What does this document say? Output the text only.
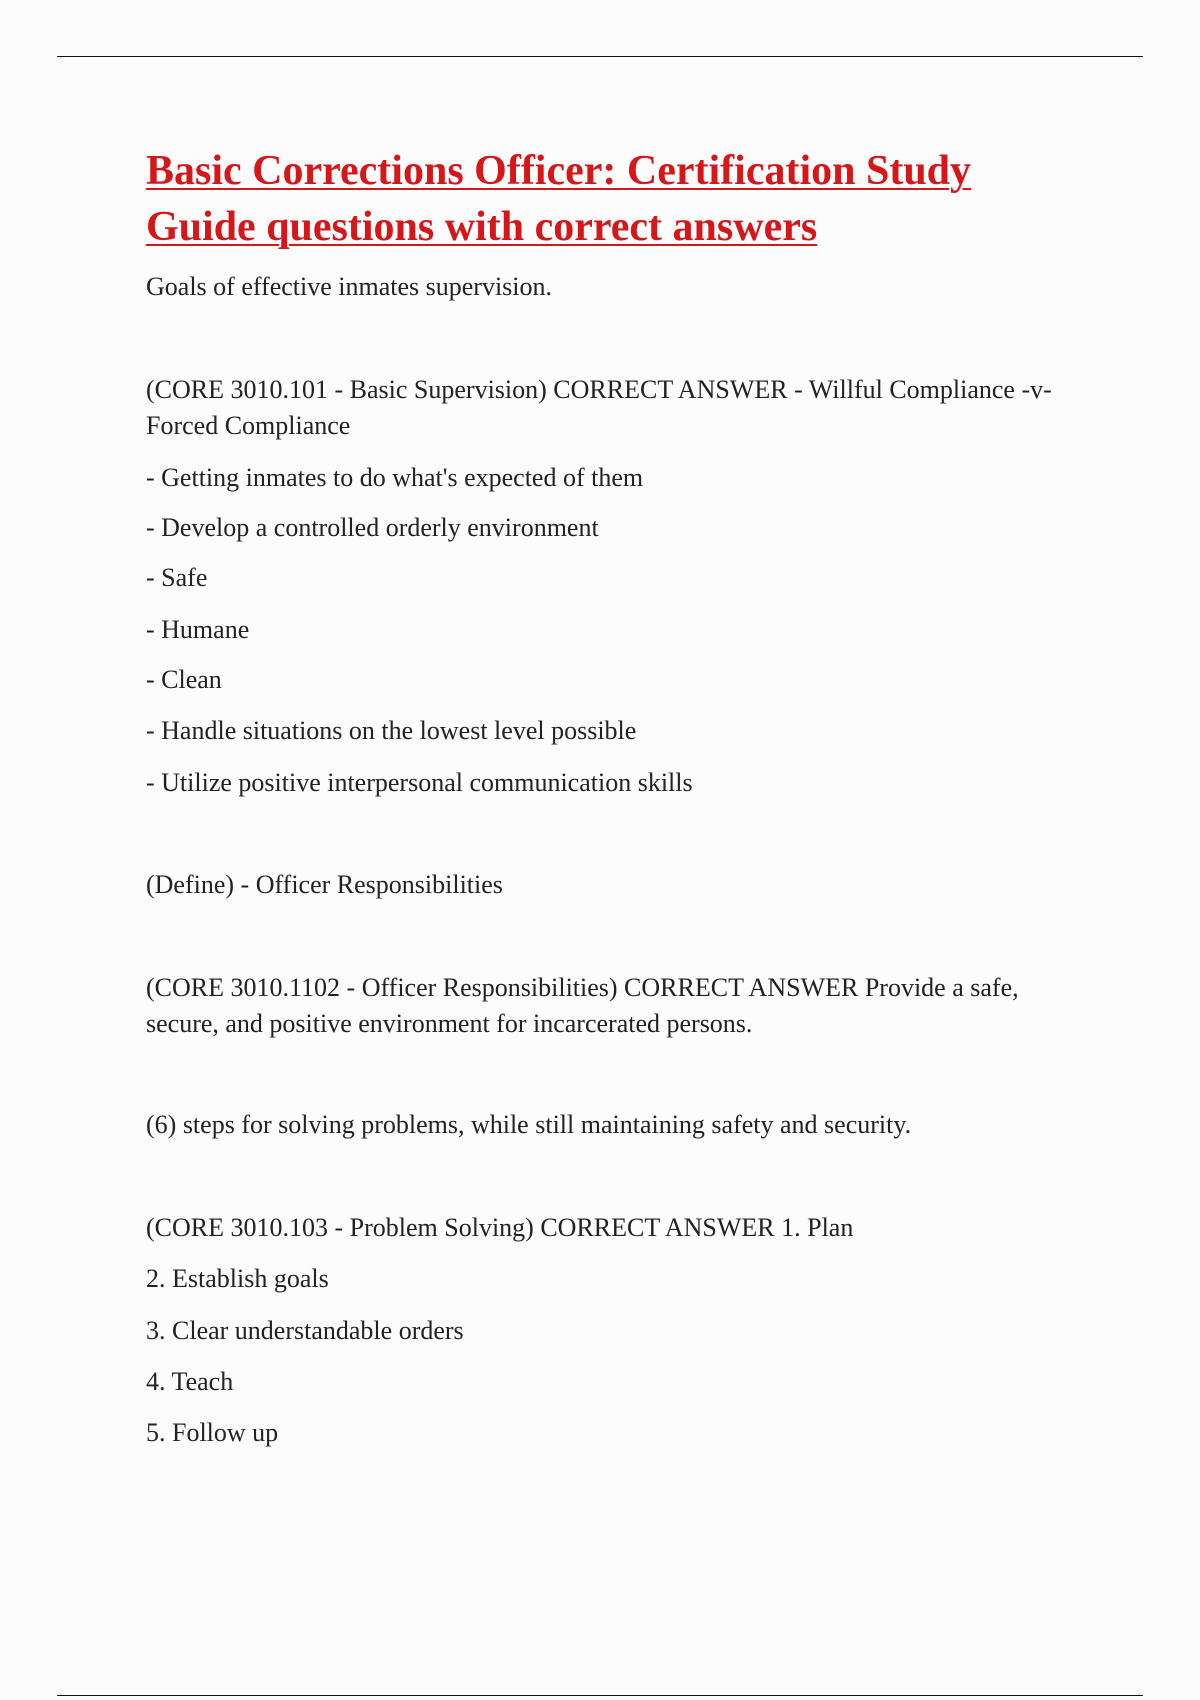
Basic Corrections Officer: Certification Study
Guide questions with correct answers

Goals of effective inmates supervision.

(CORE 3010.101 - Basic Supervision) CORRECT ANSWER - Willful Compliance -v- Forced Compliance

- Getting inmates to do what's expected of them

- Develop a controlled orderly environment

- Safe

- Humane

- Clean

- Handle situations on the lowest level possible

- Utilize positive interpersonal communication skills

(Define) - Officer Responsibilities

(CORE 3010.1102 - Officer Responsibilities) CORRECT ANSWER Provide a safe, secure, and positive environment for incarcerated persons.

(6) steps for solving problems, while still maintaining safety and security.

(CORE 3010.103 - Problem Solving) CORRECT ANSWER 1. Plan

2. Establish goals

3. Clear understandable orders

4. Teach

5. Follow up
